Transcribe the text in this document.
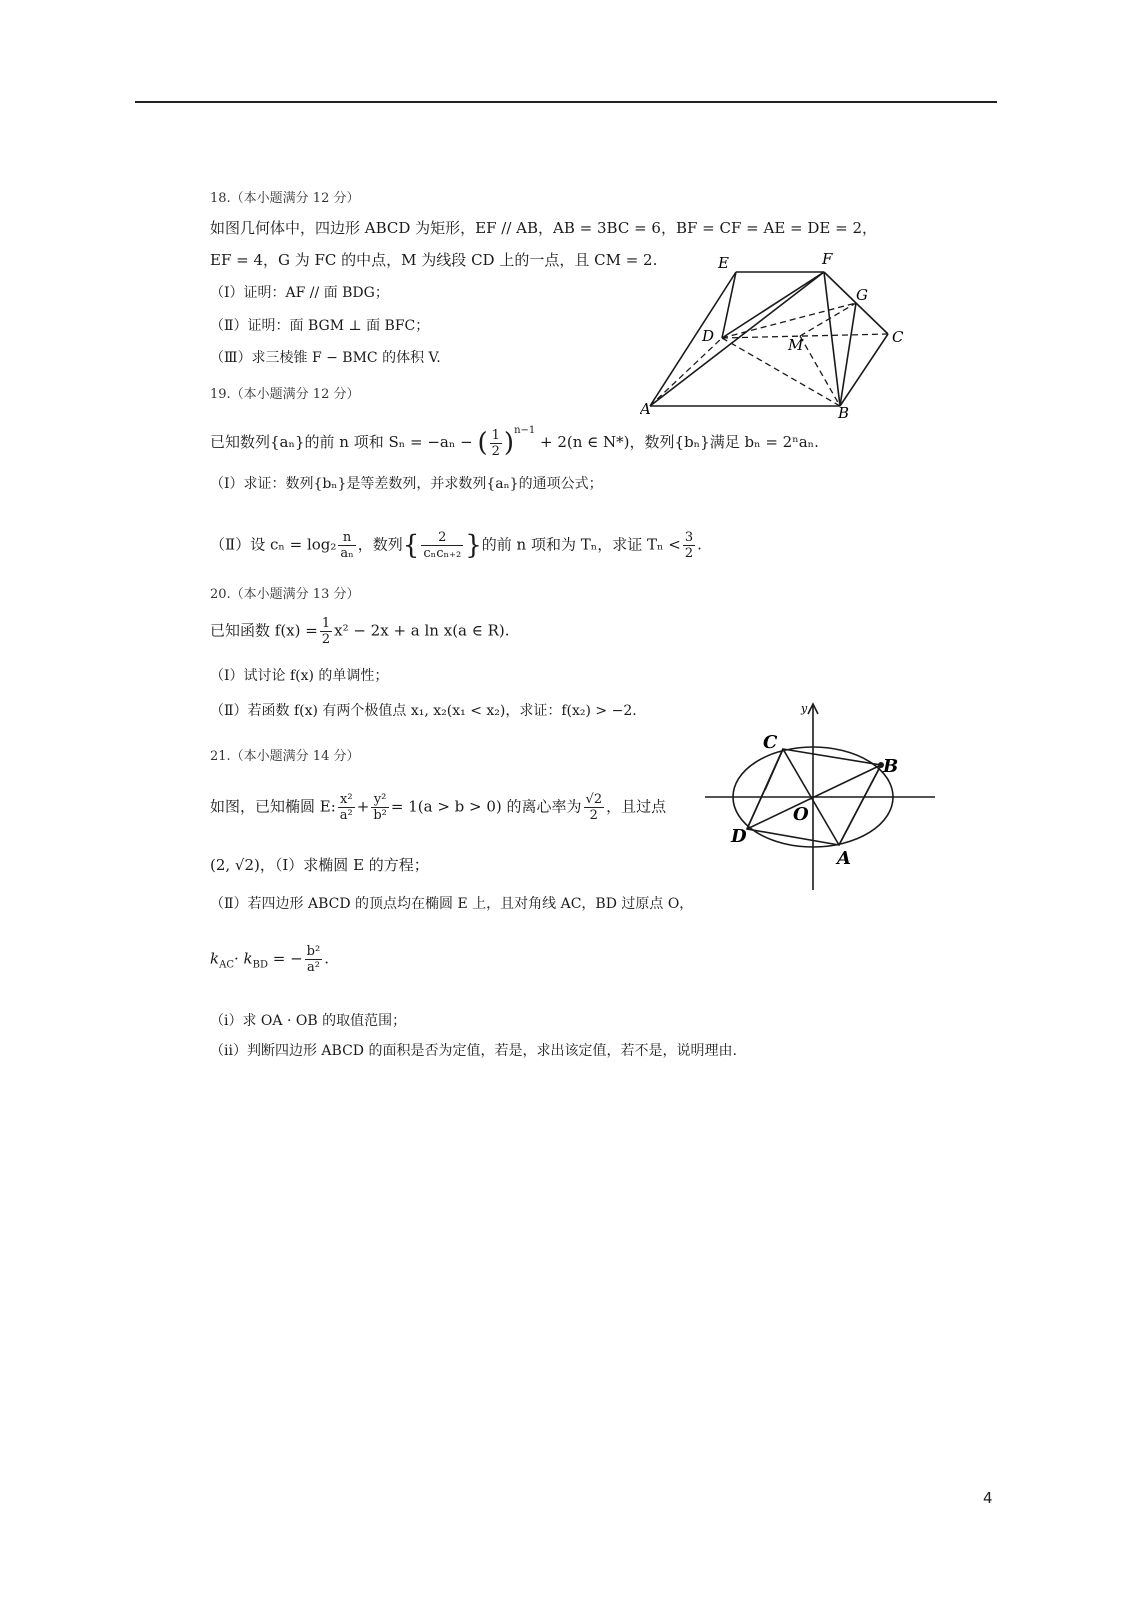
18.（本小题满分 12 分）
如图几何体中，四边形 ABCD 为矩形，EF // AB，AB = 3BC = 6，BF = CF = AE = DE = 2，
EF = 4，G 为 FC 的中点，M 为线段 CD 上的一点，且 CM = 2.
（Ⅰ）证明：AF // 面 BDG；
（Ⅱ）证明：面 BGM ⊥ 面 BFC；
（Ⅲ）求三棱锥 F − BMC 的体积 V.
E	F
G
D	M	C
A	B
19.（本小题满分 12 分）
已知数列{aₙ}的前 n 项和 Sₙ = −aₙ − ( $\frac{1}{2} )^{n-1} + 2(n$ ∈ N*)，数列{bₙ}满足 bₙ = 2ⁿaₙ.
（Ⅰ）求证：数列{bₙ}是等差数列，并求数列{aₙ}的通项公式；
（Ⅱ）设 $c_n = \log_2 \frac{n}{\text{aₙ}}$ ，数列{ $\frac{2}{\text{cₙcₙ₊₂}}$ }的前 n 项和为 Tₙ，求证 $T_n < \frac{3}{2}$ .
20.（本小题满分 13 分）
已知函数 $f(x) = \frac{1}{2} x^2 - 2x + a$ ln x(a ∈ R).
（Ⅰ）试讨论 f(x) 的单调性；
（Ⅱ）若函数 f(x) 有两个极值点 x₁, x₂(x₁ < x₂)，求证：f(x₂) > −2.
21.（本小题满分 14 分）
如图，已知椭圆 E: $\frac{\text{x²}}{\text{a²}} + \frac{\text{y²}}{\text{b²}} = 1(a > b > 0)$ 的离心率为 $\frac{√2}{2}$ ，且过点
(2, √2)，（Ⅰ）求椭圆 E 的方程；
（Ⅱ）若四边形 ABCD 的顶点均在椭圆 E 上，且对角线 AC，BD 过原点 O，
$k_{AC}\cdot k_{BD}$ = − $\frac{\text{b²}}{\text{a²}}$ .
（ⅰ）求 OA · OB 的取值范围；
（ⅱ）判断四边形 ABCD 的面积是否为定值，若是，求出该定值，若不是，说明理由.
y
C
B
O
D
A
4
